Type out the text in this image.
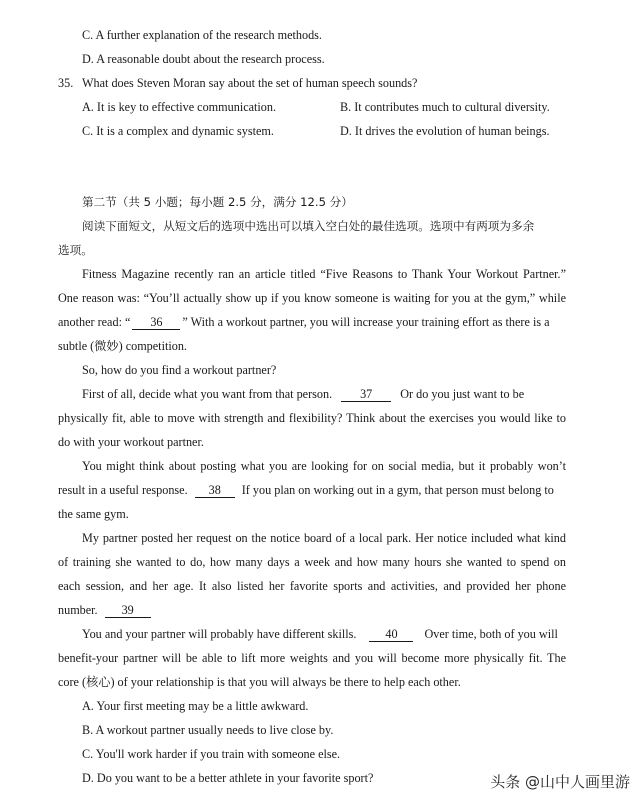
C. A further explanation of the research methods.
D. A reasonable doubt about the research process.
35. What does Steven Moran say about the set of human speech sounds?
A. It is key to effective communication.	B. It contributes much to cultural diversity.
C. It is a complex and dynamic system.	D. It drives the evolution of human beings.
第二节（共 5 小题；每小题 2.5 分，满分 12.5 分）
阅读下面短文，从短文后的选项中选出可以填入空白处的最佳选项。选项中有两项为多余
选项。
Fitness Magazine recently ran an article titled “Five Reasons to Thank Your Workout Partner.”
One reason was: “You’ll actually show up if you know someone is waiting for you at the gym,” while
another read: “ 36 ” With a workout partner, you will increase your training effort as there is a
subtle (微妙) competition.
So, how do you find a workout partner?
First of all, decide what you want from that person. 37 Or do you just want to be
physically fit, able to move with strength and flexibility? Think about the exercises you would like to
do with your workout partner.
You might think about posting what you are looking for on social media, but it probably won’t
result in a useful response. 38 If you plan on working out in a gym, that person must belong to
the same gym.
My partner posted her request on the notice board of a local park. Her notice included what kind
of training she wanted to do, how many days a week and how many hours she wanted to spend on
each session, and her age. It also listed her favorite sports and activities, and provided her phone
number. 39
You and your partner will probably have different skills. 40 Over time, both of you will
benefit-your partner will be able to lift more weights and you will become more physically fit. The
core (核心) of your relationship is that you will always be there to help each other.
A. Your first meeting may be a little awkward.
B. A workout partner usually needs to live close by.
C. You'll work harder if you train with someone else.
D. Do you want to be a better athlete in your favorite sport?	头条 @山中人画里游
